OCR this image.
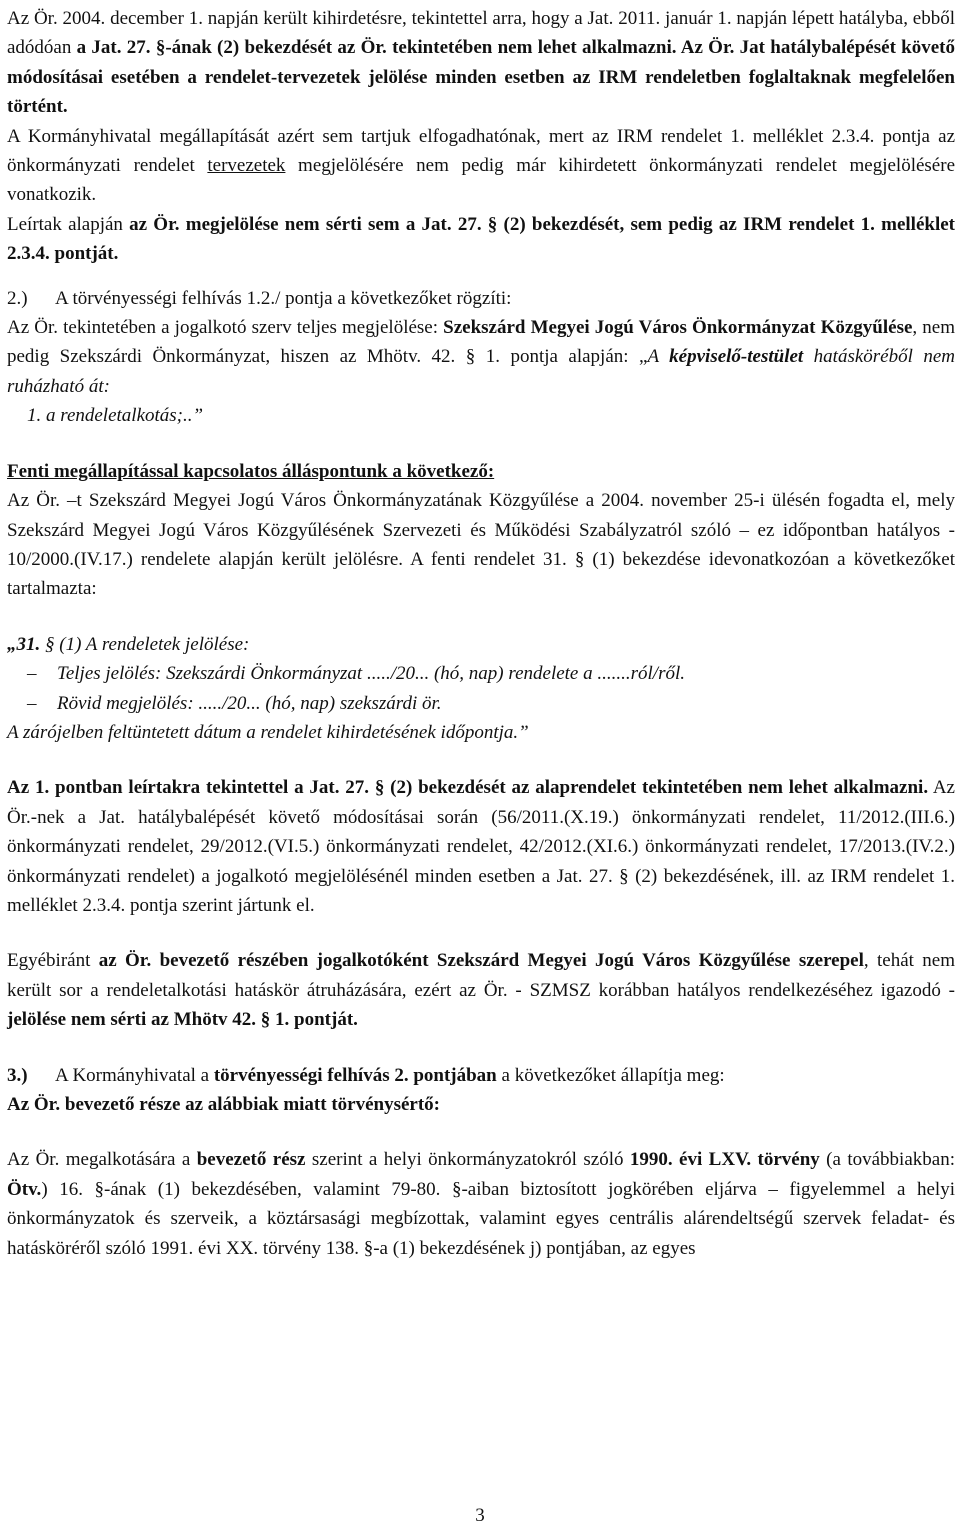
Az Ör. 2004. december 1. napján került kihirdetésre, tekintettel arra, hogy a Jat. 2011. január 1. napján lépett hatályba, ebből adódóan a Jat. 27. §-ának (2) bekezdését az Ör. tekintetében nem lehet alkalmazni. Az Ör. Jat hatálybalépését követő módosításai esetében a rendelet-tervezetek jelölése minden esetben az IRM rendeletben foglaltaknak megfelelően történt.

A Kormányhivatal megállapítását azért sem tartjuk elfogadhatónak, mert az IRM rendelet 1. melléklet 2.3.4. pontja az önkormányzati rendelet tervezetek megjelölésére nem pedig már kihirdetett önkormányzati rendelet megjelölésére vonatkozik.

Leírtak alapján az Ör. megjelölése nem sérti sem a Jat. 27. § (2) bekezdését, sem pedig az IRM rendelet 1. melléklet 2.3.4. pontját.

2.)      A törvényességi felhívás 1.2./ pontja a következőket rögzíti:

Az Ör. tekintetében a jogalkotó szerv teljes megjelölése: Szekszárd Megyei Jogú Város Önkormányzat Közgyűlése, nem pedig Szekszárdi Önkormányzat, hiszen az Mhötv. 42. § 1. pontja alapján: „A képviselő-testület hatásköréből nem ruházható át:

1. a rendeletalkotás;..”

Fenti megállapítással kapcsolatos álláspontunk a következő:

Az Ör. –t Szekszárd Megyei Jogú Város Önkormányzatának Közgyűlése a 2004. november 25-i ülésén fogadta el, mely Szekszárd Megyei Jogú Város Közgyűlésének Szervezeti és Működési Szabályzatról szóló – ez időpontban hatályos - 10/2000.(IV.17.) rendelete alapján került jelölésre. A fenti rendelet 31. § (1) bekezdése idevonatkozóan a következőket tartalmazta:

„31. § (1) A rendeletek jelölése:

– Teljes jelölés: Szekszárdi Önkormányzat ...../20... (hó, nap) rendelete a .......ról/ről.

– Rövid megjelölés: ...../20... (hó, nap) szekszárdi ör.

A zárójelben feltüntetett dátum a rendelet kihirdetésének időpontja.”

Az 1. pontban leírtakra tekintettel a Jat. 27. § (2) bekezdését az alaprendelet tekintetében nem lehet alkalmazni. Az Ör.-nek a Jat. hatálybalépését követő módosításai során (56/2011.(X.19.) önkormányzati rendelet, 11/2012.(III.6.) önkormányzati rendelet, 29/2012.(VI.5.) önkormányzati rendelet, 42/2012.(XI.6.) önkormányzati rendelet, 17/2013.(IV.2.) önkormányzati rendelet) a jogalkotó megjelölésénél minden esetben a Jat. 27. § (2) bekezdésének, ill. az IRM rendelet 1. melléklet 2.3.4. pontja szerint jártunk el.

Egyébiránt az Ör. bevezető részében jogalkotóként Szekszárd Megyei Jogú Város Közgyűlése szerepel, tehát nem került sor a rendeletalkotási hatáskör átruházására, ezért az Ör. - SZMSZ korábban hatályos rendelkezéséhez igazodó - jelölése nem sérti az Mhötv 42. § 1. pontját.

3.)      A Kormányhivatal a törvényességi felhívás 2. pontjában a következőket állapítja meg:

Az Ör. bevezető része az alábbiak miatt törvénysértő:

Az Ör. megalkotására a bevezető rész szerint a helyi önkormányzatokról szóló 1990. évi LXV. törvény (a továbbiakban: Ötv.) 16. §-ának (1) bekezdésében, valamint 79-80. §-aiban biztosított jogkörében eljárva – figyelemmel a helyi önkormányzatok és szerveik, a köztársasági megbízottak, valamint egyes centrális alárendeltségű szervek feladat- és hatásköréről szóló 1991. évi XX. törvény 138. §-a (1) bekezdésének j) pontjában, az egyes

3
